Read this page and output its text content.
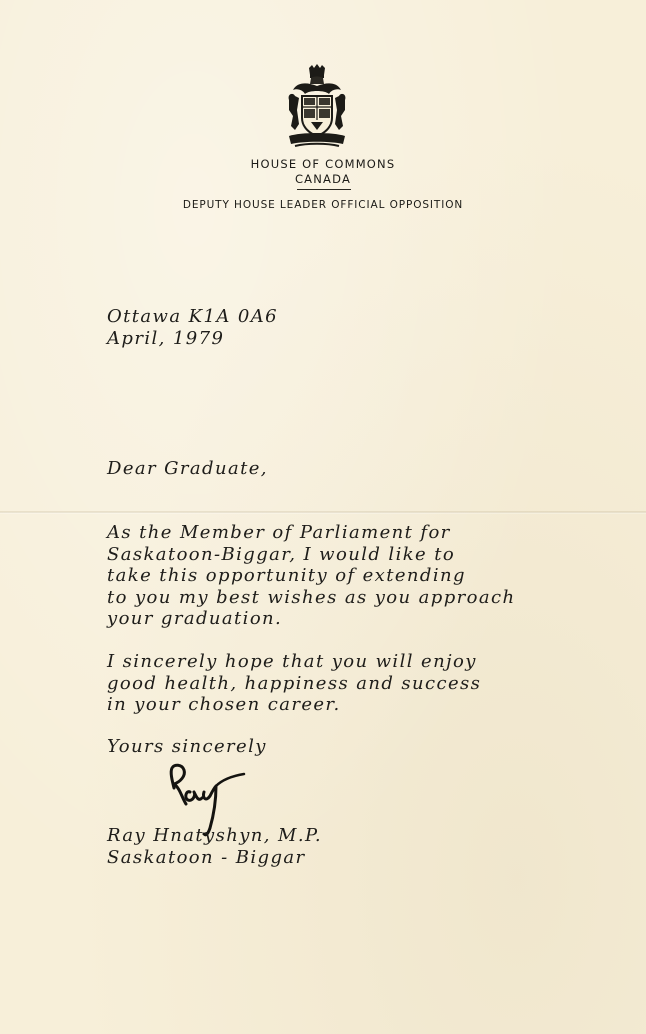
HOUSE OF COMMONS
CANADA
DEPUTY HOUSE LEADER OFFICIAL OPPOSITION
Ottawa K1A 0A6
April, 1979
Dear Graduate,
As the Member of Parliament for
Saskatoon-Biggar, I would like to
take this opportunity of extending
to you my best wishes as you approach
your graduation.
I sincerely hope that you will enjoy
good health, happiness and success
in your chosen career.
Yours sincerely
Ray Hnatyshyn, M.P.
Saskatoon - Biggar
